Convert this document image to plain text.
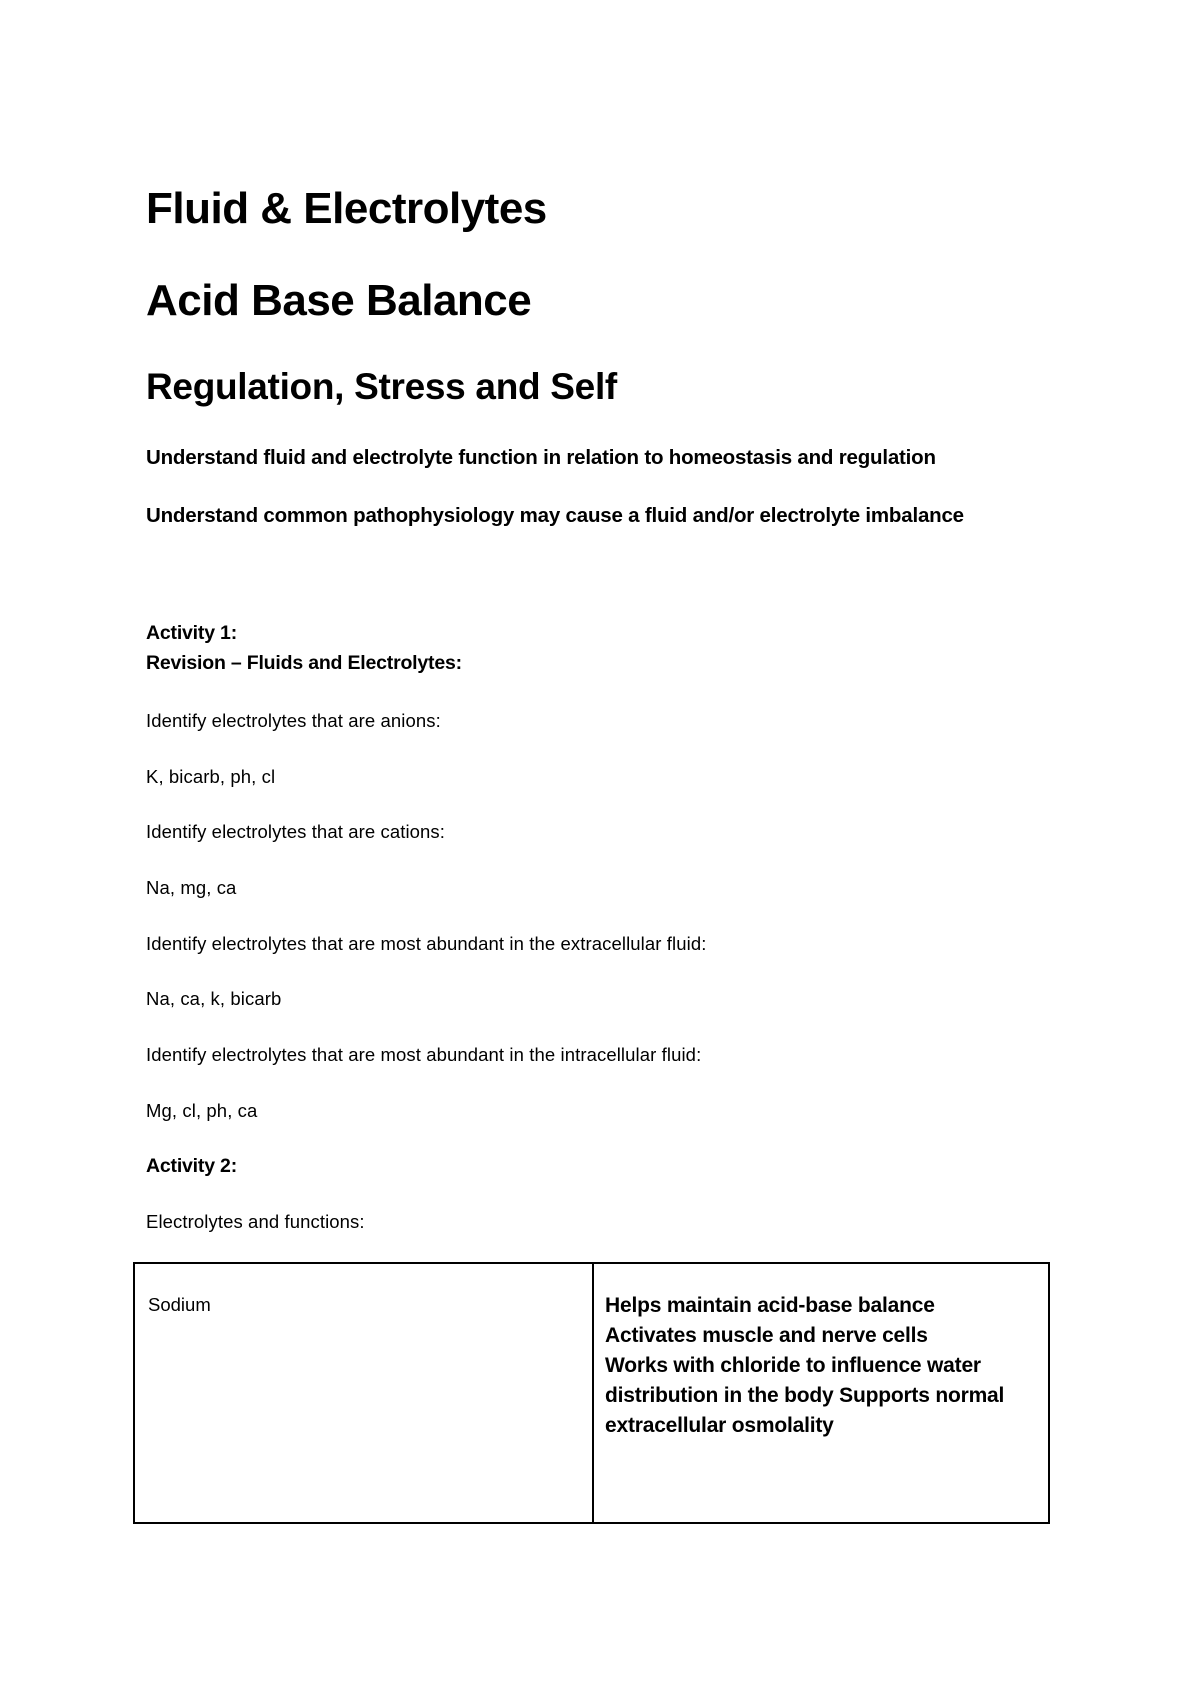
Fluid & Electrolytes
Acid Base Balance
Regulation, Stress and Self

Understand fluid and electrolyte function in relation to homeostasis and regulation

Understand common pathophysiology may cause a fluid and/or electrolyte imbalance

Activity 1:

Revision – Fluids and Electrolytes:

Identify electrolytes that are anions:

K, bicarb, ph, cl

Identify electrolytes that are cations:

Na, mg, ca

Identify electrolytes that are most abundant in the extracellular fluid:

Na, ca, k, bicarb

Identify electrolytes that are most abundant in the intracellular fluid:

Mg, cl, ph, ca

Activity 2:

Electrolytes and functions:

Sodium	Helps maintain acid-base balance
Activates muscle and nerve cells
Works with chloride to influence water
distribution in the body Supports normal
extracellular osmolality
